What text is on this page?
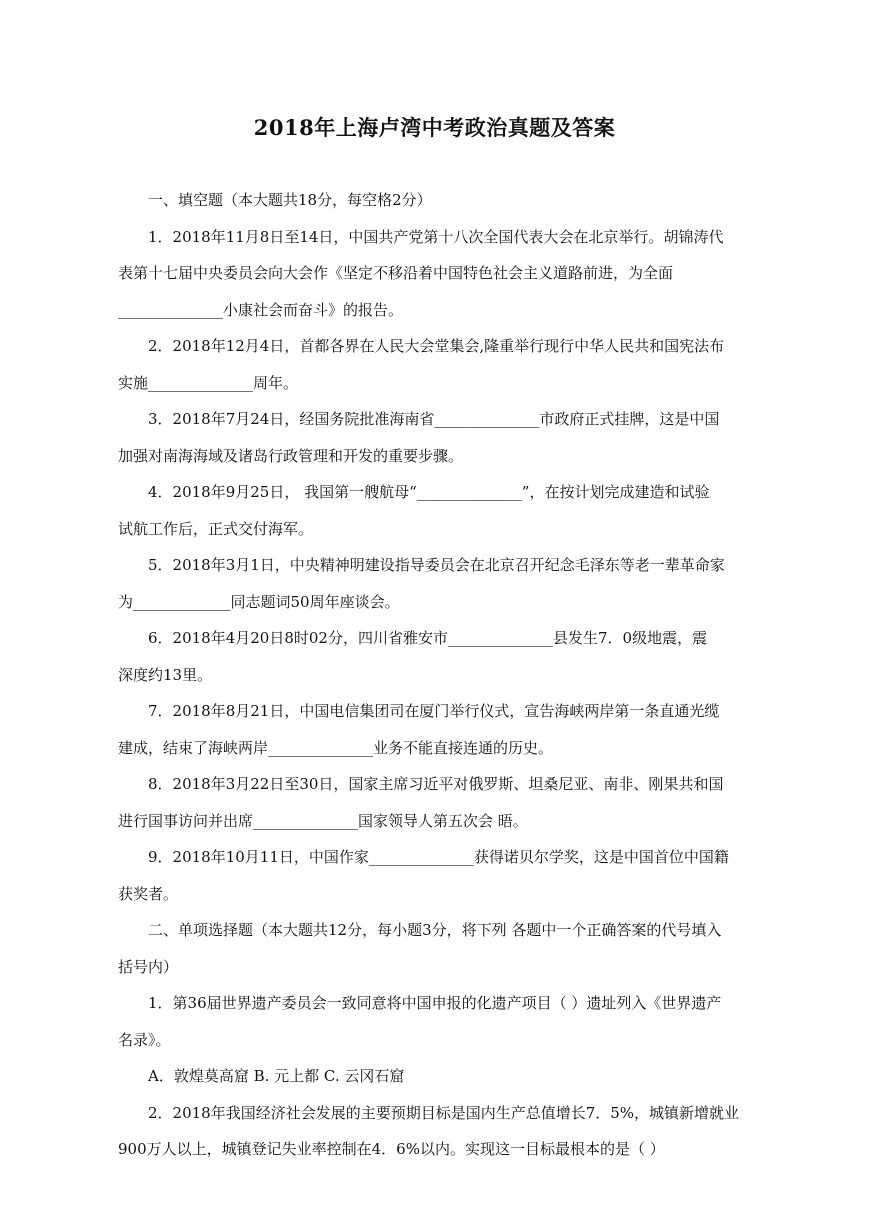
2018年上海卢湾中考政治真题及答案

一、填空题（本大题共18分，每空格2分）

1．2018年11月8日至14日，中国共产党第十八次全国代表大会在北京举行。胡锦涛代
表第十七届中央委员会向大会作《坚定不移沿着中国特色社会主义道路前进，为全面
______________小康社会而奋斗》的报告。

2．2018年12月4日，首都各界在人民大会堂集会,隆重举行现行中华人民共和国宪法布
实施______________周年。

3．2018年7月24日，经国务院批准海南省______________市政府正式挂牌，这是中国
加强对南海海域及诸岛行政管理和开发的重要步骤。

4．2018年9月25日， 我国第一艘航母“______________”，在按计划完成建造和试验
试航工作后，正式交付海军。

5．2018年3月1日，中央精神明建设指导委员会在北京召开纪念毛泽东等老一辈革命家
为_____________同志题词50周年座谈会。

6．2018年4月20日8时02分，四川省雅安市______________县发生7．0级地震，震
深度约13里。

7．2018年8月21日，中国电信集团司在厦门举行仪式，宣告海峡两岸第一条直通光缆
建成，结束了海峡两岸______________业务不能直接连通的历史。

8．2018年3月22日至30日，国家主席习近平对俄罗斯、坦桑尼亚、南非、刚果共和国
进行国事访问并出席______________国家领导人第五次会 晤。

9．2018年10月11日，中国作家______________获得诺贝尔学奖，这是中国首位中国籍
获奖者。

二、单项选择题（本大题共12分，每小题3分，将下列 各题中一个正确答案的代号填入
括号内）

1．第36届世界遗产委员会一致同意将中国申报的化遗产项目（ ）遗址列入《世界遗产
名录》。

A．敦煌莫高窟 B. 元上都 C. 云冈石窟

2．2018年我国经济社会发展的主要预期目标是国内生产总值增长7．5%，城镇新增就业
900万人以上，城镇登记失业率控制在4．6%以内。实现这一目标最根本的是（ ）
